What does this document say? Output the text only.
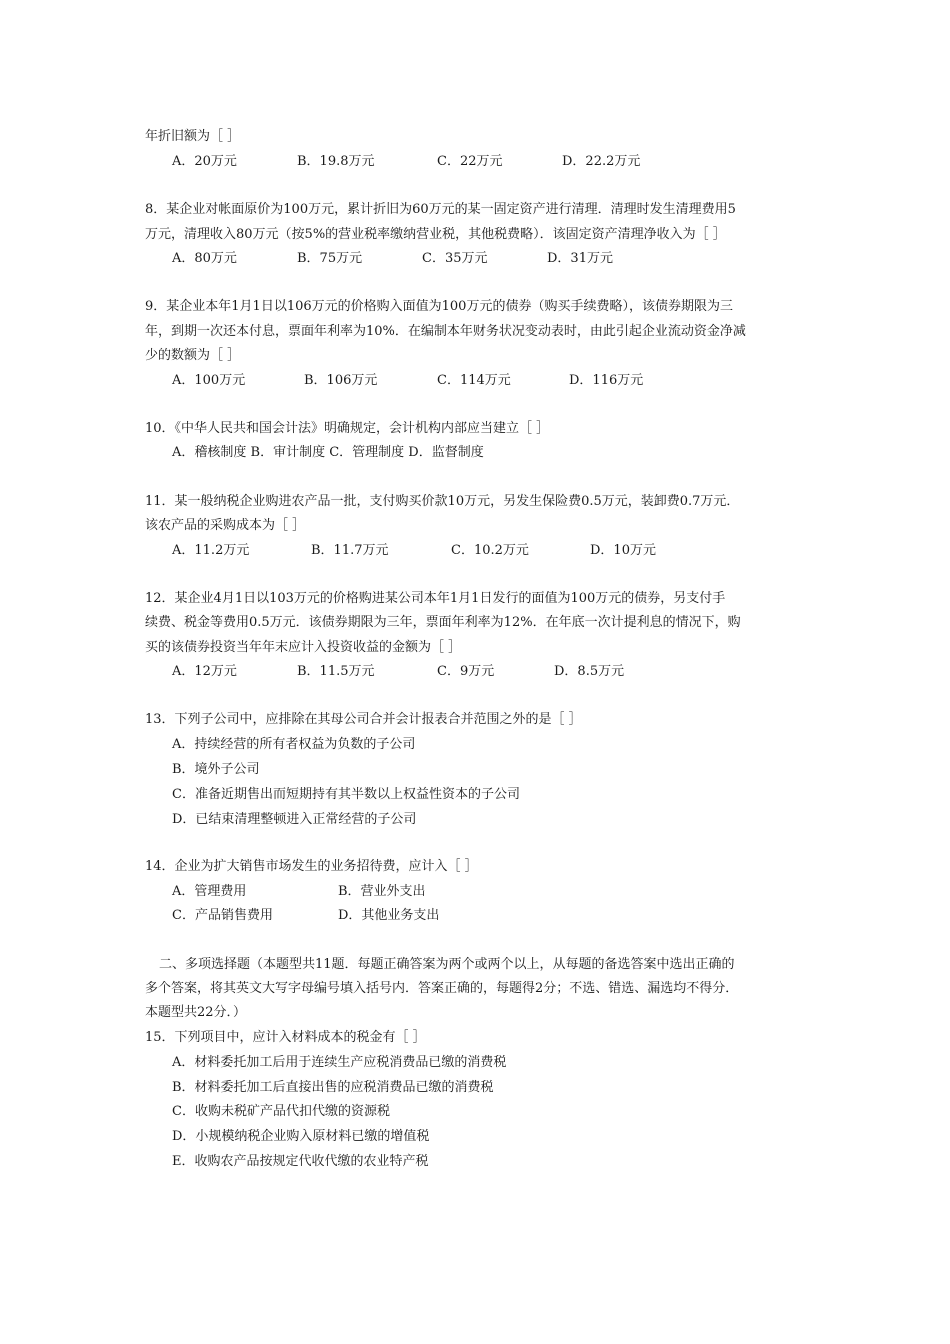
年折旧额为［ ］
A．20万元	B．19.8万元	C．22万元	D．22.2万元
8．某企业对帐面原价为100万元，累计折旧为60万元的某一固定资产进行清理．清理时发生清理费用5
万元，清理收入80万元（按5%的营业税率缴纳营业税，其他税费略）．该固定资产清理净收入为［ ］
A．80万元	B．75万元	C．35万元	D．31万元
9．某企业本年1月1日以106万元的价格购入面值为100万元的债券（购买手续费略），该债券期限为三
年，到期一次还本付息，票面年利率为10%．在编制本年财务状况变动表时，由此引起企业流动资金净减
少的数额为［ ］
A．100万元	B．106万元	C．114万元	D．116万元
10．《中华人民共和国会计法》明确规定，会计机构内部应当建立［ ］
A．稽核制度 B．审计制度 C．管理制度 D．监督制度
11．某一般纳税企业购进农产品一批，支付购买价款10万元，另发生保险费0.5万元，装卸费0.7万元．
该农产品的采购成本为［ ］
A．11.2万元	B．11.7万元	C．10.2万元	D．10万元
12．某企业4月1日以103万元的价格购进某公司本年1月1日发行的面值为100万元的债券，另支付手
续费、税金等费用0.5万元．该债券期限为三年，票面年利率为12%．在年底一次计提利息的情况下，购
买的该债券投资当年年末应计入投资收益的金额为［ ］
A．12万元	B．11.5万元	C．9万元	D．8.5万元
13．下列子公司中，应排除在其母公司合并会计报表合并范围之外的是［ ］
A．持续经营的所有者权益为负数的子公司
B．境外子公司
C．准备近期售出而短期持有其半数以上权益性资本的子公司
D．已结束清理整顿进入正常经营的子公司
14．企业为扩大销售市场发生的业务招待费，应计入［ ］
A．管理费用	B．营业外支出
C．产品销售费用	D．其他业务支出
二、多项选择题（本题型共11题．每题正确答案为两个或两个以上，从每题的备选答案中选出正确的
多个答案，将其英文大写字母编号填入括号内．答案正确的，每题得2分；不选、错选、漏选均不得分．
本题型共22分．）
15．下列项目中，应计入材料成本的税金有［ ］
A．材料委托加工后用于连续生产应税消费品已缴的消费税
B．材料委托加工后直接出售的应税消费品已缴的消费税
C．收购未税矿产品代扣代缴的资源税
D．小规模纳税企业购入原材料已缴的增值税
E．收购农产品按规定代收代缴的农业特产税
